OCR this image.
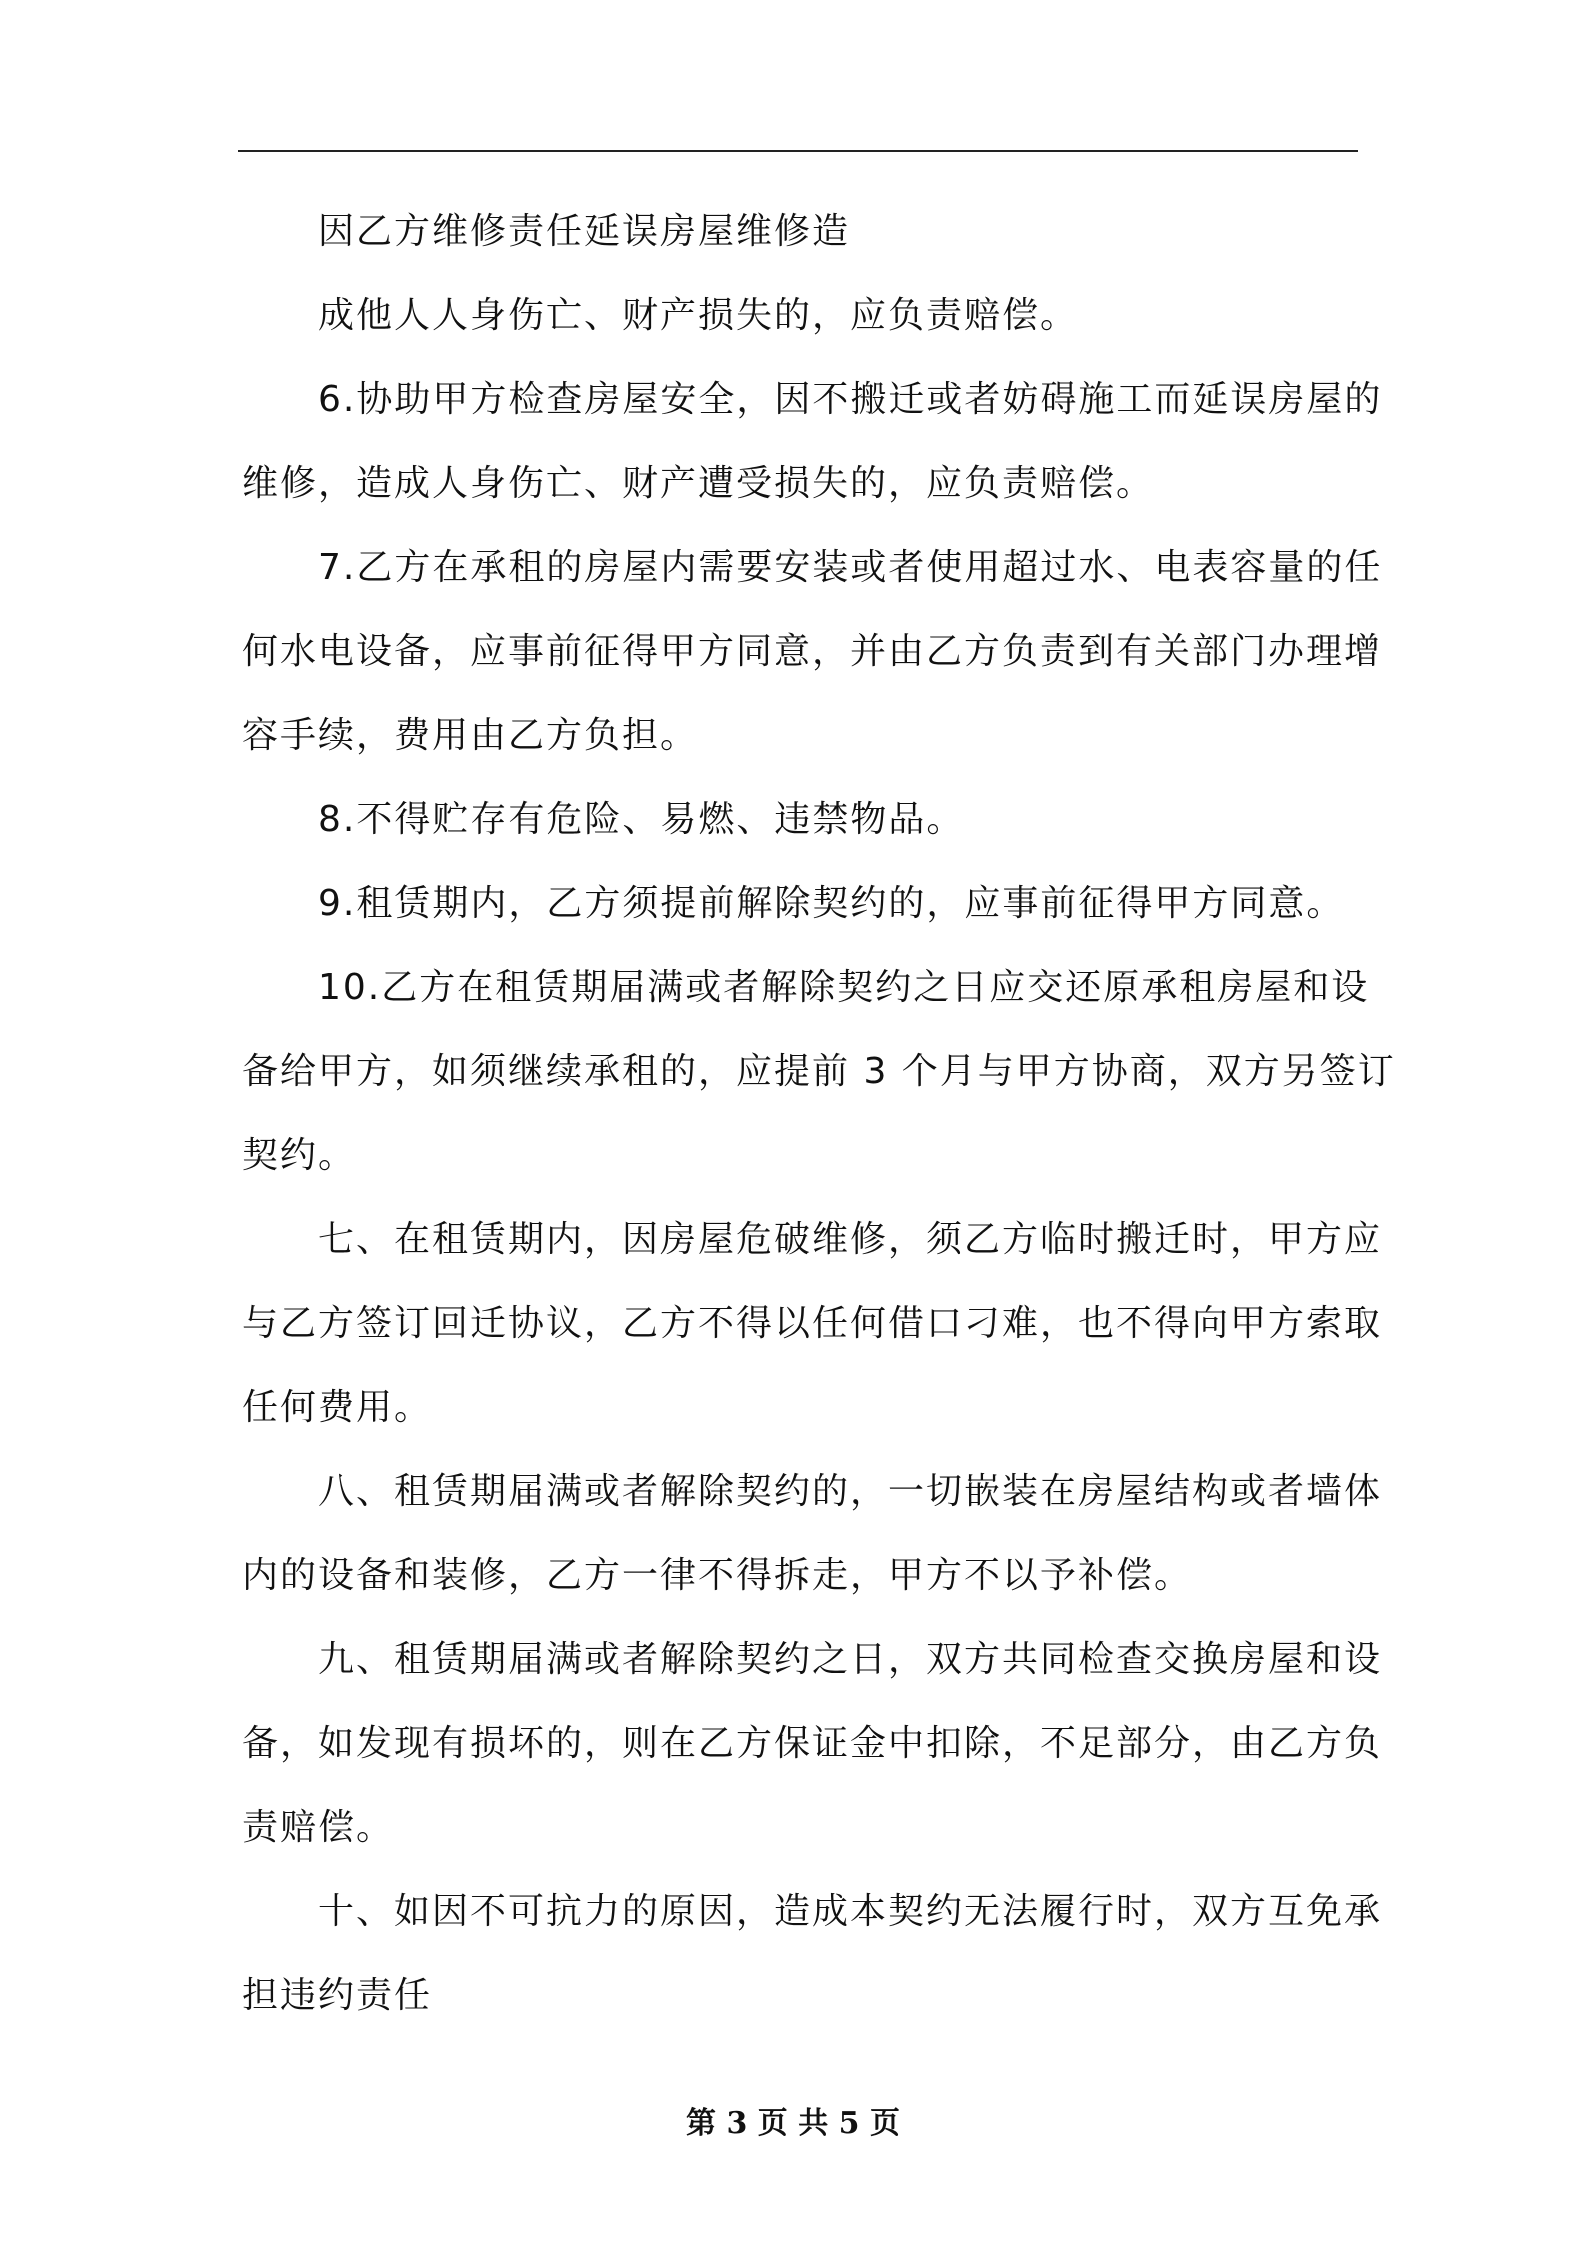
因乙方维修责任延误房屋维修造
成他人人身伤亡、财产损失的，应负责赔偿。
6.协助甲方检查房屋安全，因不搬迁或者妨碍施工而延误房屋的
维修，造成人身伤亡、财产遭受损失的，应负责赔偿。
7.乙方在承租的房屋内需要安装或者使用超过水、电表容量的任
何水电设备，应事前征得甲方同意，并由乙方负责到有关部门办理增
容手续，费用由乙方负担。
8.不得贮存有危险、易燃、违禁物品。
9.租赁期内，乙方须提前解除契约的，应事前征得甲方同意。
10.乙方在租赁期届满或者解除契约之日应交还原承租房屋和设
备给甲方，如须继续承租的，应提前 3 个月与甲方协商，双方另签订
契约。
七、在租赁期内，因房屋危破维修，须乙方临时搬迁时，甲方应
与乙方签订回迁协议，乙方不得以任何借口刁难，也不得向甲方索取
任何费用。
八、租赁期届满或者解除契约的，一切嵌装在房屋结构或者墙体
内的设备和装修，乙方一律不得拆走，甲方不以予补偿。
九、租赁期届满或者解除契约之日，双方共同检查交换房屋和设
备，如发现有损坏的，则在乙方保证金中扣除，不足部分，由乙方负
责赔偿。
十、如因不可抗力的原因，造成本契约无法履行时，双方互免承
担违约责任
第 3 页 共 5 页
